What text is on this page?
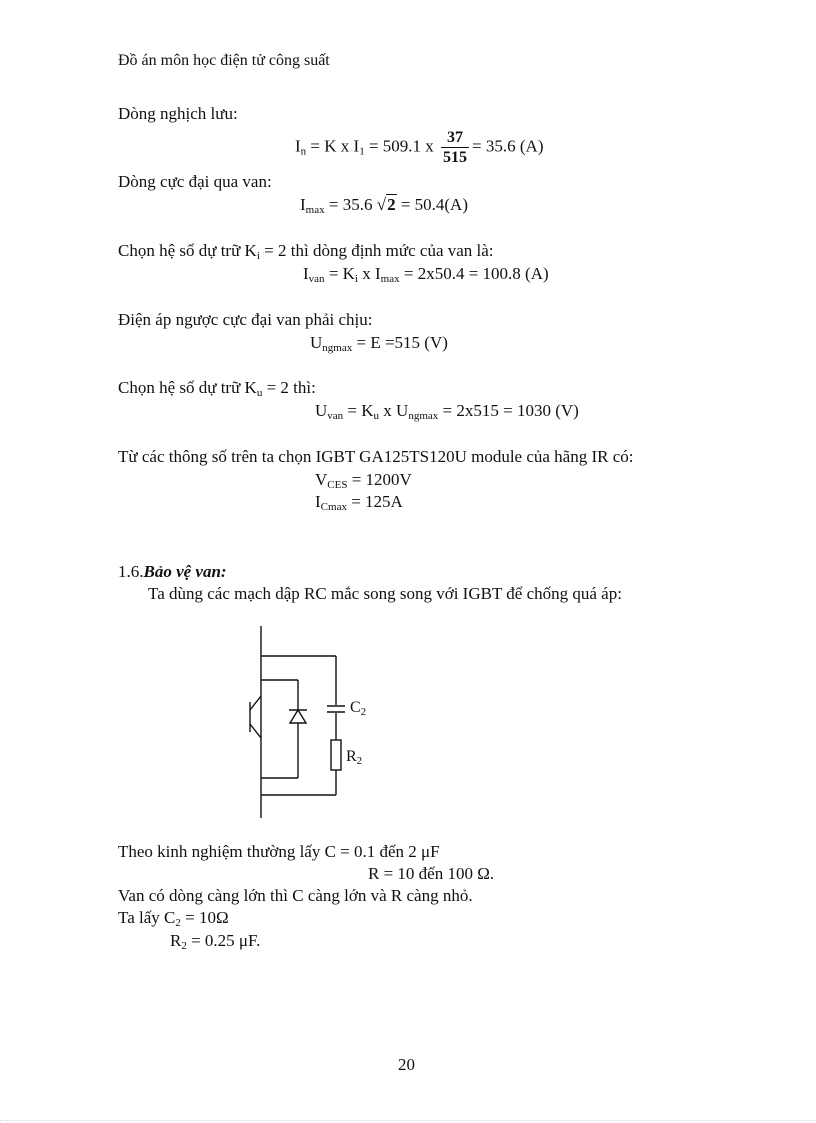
Đồ án môn học điện tử công suất
Dòng nghịch lưu:
$I_n = K$ x $I_1 = 509.1$ x $\frac{37}{515} = 35.6$ (A)
Dòng cực đại qua van:
$I_{max} = 35.6$ √2 = 50.4(A)
Chọn hệ số dự trữ $K_i = 2$ thì dòng định mức của van là:
$I_{van} = K_i$ x $I_{max} = 2x50.4 = 100.8$ (A)
Điện áp ngược cực đại van phải chịu:
$U_{ngmax} = E =515$ (V)
Chọn hệ số dự trữ $K_u = 2$ thì:
$U_{van} = K_u$ x $U_{ngmax} = 2x515 = 1030$ (V)
Từ các thông số trên ta chọn IGBT GA125TS120U module của hãng IR có:
$V_{CES} = 1200V$
$I_{Cmax} = 125A$
1.6.Bảo vệ van:
Ta dùng các mạch dập RC mắc song song với IGBT để chống quá áp:
$C_2$
$R_2$
Theo kinh nghiệm thường lấy C = 0.1 đến 2 μF
R = 10 đến 100 Ω.
Van có dòng càng lớn thì C càng lớn và R càng nhỏ.
Ta lấy $C_2 = 10\Omega$
$R_2 = 0.25$ μF.
20
